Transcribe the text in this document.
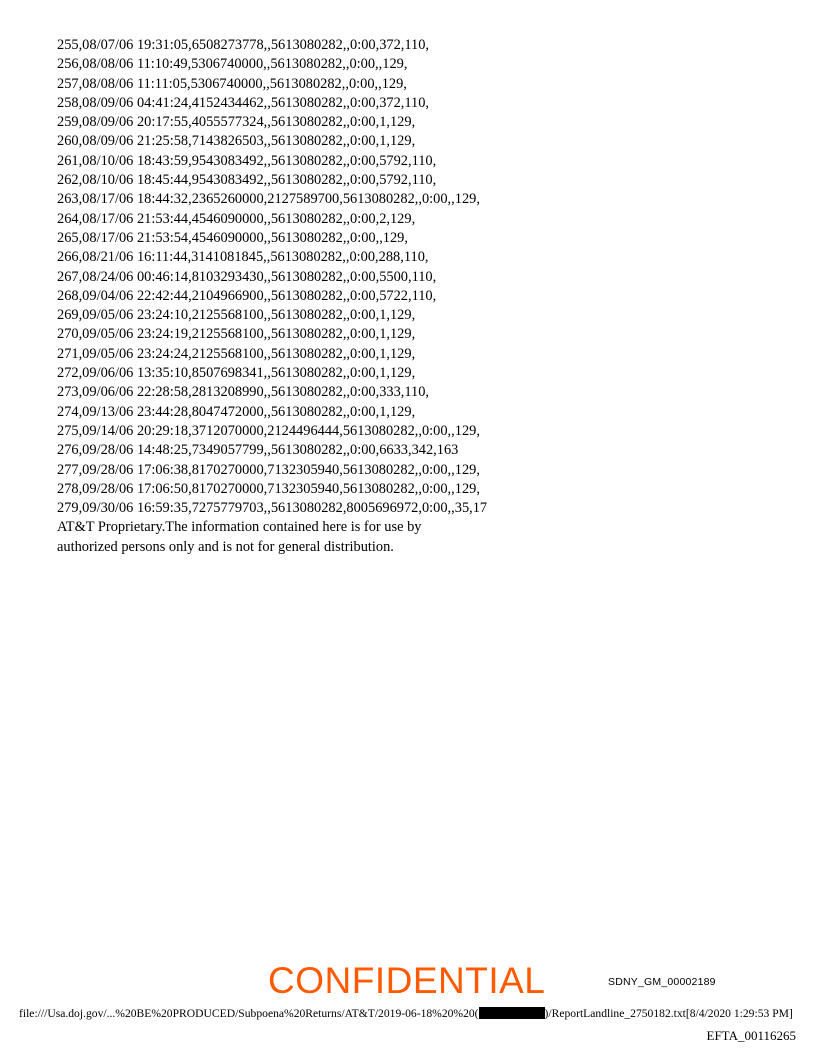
255,08/07/06 19:31:05,6508273778,,5613080282,,0:00,372,110,
256,08/08/06 11:10:49,5306740000,,5613080282,,0:00,,129,
257,08/08/06 11:11:05,5306740000,,5613080282,,0:00,,129,
258,08/09/06 04:41:24,4152434462,,5613080282,,0:00,372,110,
259,08/09/06 20:17:55,4055577324,,5613080282,,0:00,1,129,
260,08/09/06 21:25:58,7143826503,,5613080282,,0:00,1,129,
261,08/10/06 18:43:59,9543083492,,5613080282,,0:00,5792,110,
262,08/10/06 18:45:44,9543083492,,5613080282,,0:00,5792,110,
263,08/17/06 18:44:32,2365260000,2127589700,5613080282,,0:00,,129,
264,08/17/06 21:53:44,4546090000,,5613080282,,0:00,2,129,
265,08/17/06 21:53:54,4546090000,,5613080282,,0:00,,129,
266,08/21/06 16:11:44,3141081845,,5613080282,,0:00,288,110,
267,08/24/06 00:46:14,8103293430,,5613080282,,0:00,5500,110,
268,09/04/06 22:42:44,2104966900,,5613080282,,0:00,5722,110,
269,09/05/06 23:24:10,2125568100,,5613080282,,0:00,1,129,
270,09/05/06 23:24:19,2125568100,,5613080282,,0:00,1,129,
271,09/05/06 23:24:24,2125568100,,5613080282,,0:00,1,129,
272,09/06/06 13:35:10,8507698341,,5613080282,,0:00,1,129,
273,09/06/06 22:28:58,2813208990,,5613080282,,0:00,333,110,
274,09/13/06 23:44:28,8047472000,,5613080282,,0:00,1,129,
275,09/14/06 20:29:18,3712070000,2124496444,5613080282,,0:00,,129,
276,09/28/06 14:48:25,7349057799,,5613080282,,0:00,6633,342,163
277,09/28/06 17:06:38,8170270000,7132305940,5613080282,,0:00,,129,
278,09/28/06 17:06:50,8170270000,7132305940,5613080282,,0:00,,129,
279,09/30/06 16:59:35,7275779703,,5613080282,8005696972,0:00,,35,17
AT&T Proprietary.The information contained here is for use by
authorized persons only and is not for general distribution.
SDNY_GM_00002189
CONFIDENTIAL
file:///Usa.doj.gov/...%20BE%20PRODUCED/Subpoena%20Returns/AT&T/2019-06-18%20%20(	)/ReportLandline_2750182.txt[8/4/2020 1:29:53 PM]
EFTA_00116265
